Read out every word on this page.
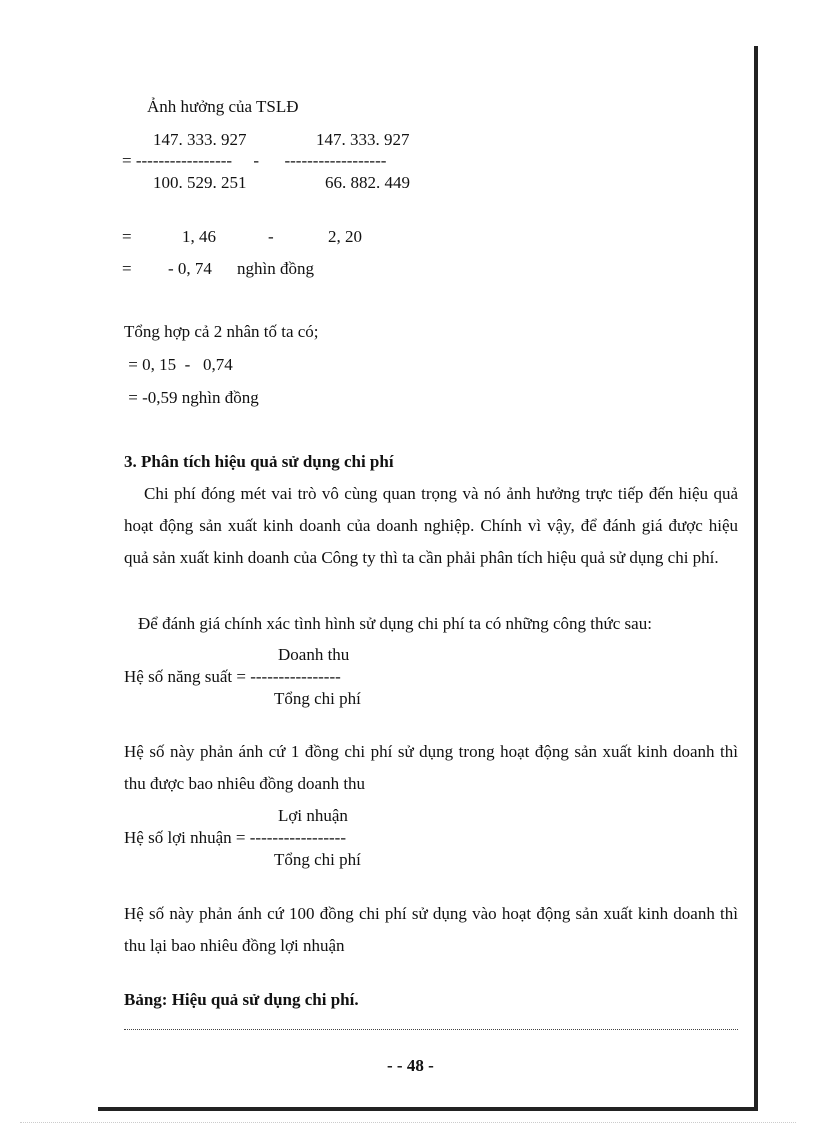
Ảnh hưởng của TSLĐ
147. 333. 927	147. 333. 927
= -----------------     -      ------------------
100. 529. 251	66. 882. 449
=	1, 46	-	2, 20
= - 0, 74 nghìn đồng
Tổng hợp cả 2 nhân tố ta có;
= 0, 15  -   0,74
= -0,59 nghìn đồng
3. Phân tích hiệu quả sử dụng chi phí
Chi phí đóng mét vai trò vô cùng quan trọng và nó ảnh hưởng trực tiếp đến hiệu quả hoạt động sản xuất kinh doanh của doanh nghiệp. Chính vì vậy, để đánh giá được hiệu quả sản xuất kinh doanh của Công ty thì ta cần phải phân tích hiệu quả sử dụng chi phí.
Để đánh giá chính xác tình hình sử dụng chi phí ta có những công thức sau:
Doanh thu
Hệ số năng suất = ----------------
Tổng chi phí
Hệ số này phản ánh cứ 1 đồng chi phí sử dụng trong hoạt động sản xuất kinh doanh thì thu được bao nhiêu đồng doanh thu
Lợi nhuận
Hệ số lợi nhuận = -----------------
Tổng chi phí
Hệ số này phản ánh cứ 100 đồng chi phí sử dụng vào hoạt động sản xuất kinh doanh thì thu lại bao nhiêu đồng lợi nhuận
Bảng: Hiệu quả sử dụng chi phí.
- - 48 -
